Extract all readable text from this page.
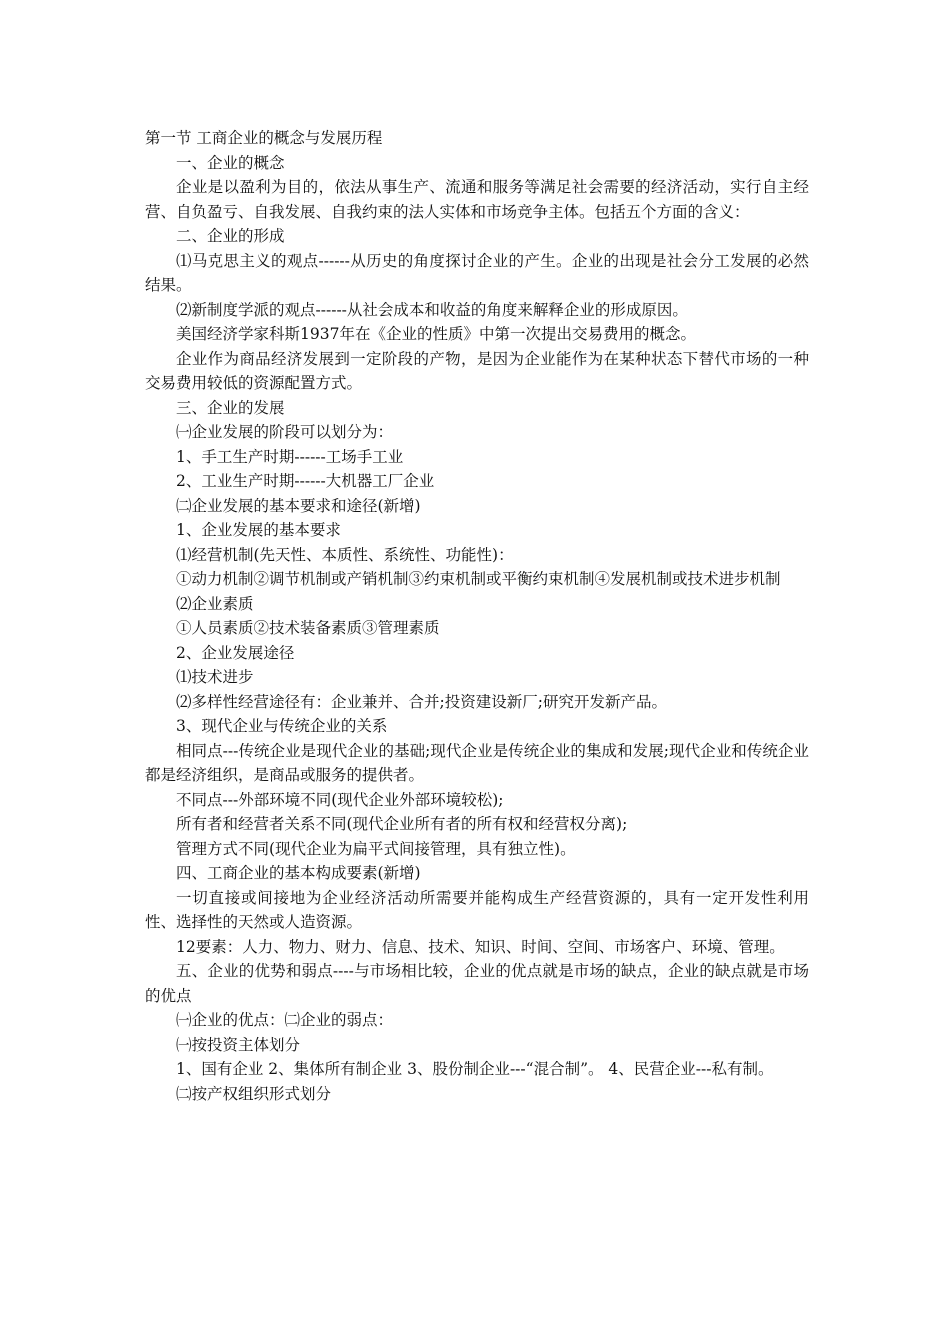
第一节 工商企业的概念与发展历程

一、企业的概念

企业是以盈利为目的，依法从事生产、流通和服务等满足社会需要的经济活动，实行自主经营、自负盈亏、自我发展、自我约束的法人实体和市场竞争主体。包括五个方面的含义：

二、企业的形成

⑴马克思主义的观点------从历史的角度探讨企业的产生。企业的出现是社会分工发展的必然结果。

⑵新制度学派的观点------从社会成本和收益的角度来解释企业的形成原因。

美国经济学家科斯1937年在《企业的性质》中第一次提出交易费用的概念。

企业作为商品经济发展到一定阶段的产物，是因为企业能作为在某种状态下替代市场的一种交易费用较低的资源配置方式。

三、企业的发展

㈠企业发展的阶段可以划分为：

1、手工生产时期------工场手工业

2、工业生产时期------大机器工厂企业

㈡企业发展的基本要求和途径(新增)

1、企业发展的基本要求

⑴经营机制(先天性、本质性、系统性、功能性)：

①动力机制②调节机制或产销机制③约束机制或平衡约束机制④发展机制或技术进步机制

⑵企业素质

①人员素质②技术装备素质③管理素质

2、企业发展途径

⑴技术进步

⑵多样性经营途径有：企业兼并、合并;投资建设新厂;研究开发新产品。

3、现代企业与传统企业的关系

相同点---传统企业是现代企业的基础;现代企业是传统企业的集成和发展;现代企业和传统企业都是经济组织，是商品或服务的提供者。

不同点---外部环境不同(现代企业外部环境较松);

所有者和经营者关系不同(现代企业所有者的所有权和经营权分离);

管理方式不同(现代企业为扁平式间接管理，具有独立性)。

四、工商企业的基本构成要素(新增)

一切直接或间接地为企业经济活动所需要并能构成生产经营资源的，具有一定开发性利用性、选择性的天然或人造资源。

12要素：人力、物力、财力、信息、技术、知识、时间、空间、市场客户、环境、管理。

五、企业的优势和弱点----与市场相比较，企业的优点就是市场的缺点，企业的缺点就是市场的优点

㈠企业的优点：㈡企业的弱点：

㈠按投资主体划分

1、国有企业 2、集体所有制企业 3、股份制企业---“混合制”。 4、民营企业---私有制。

㈡按产权组织形式划分
